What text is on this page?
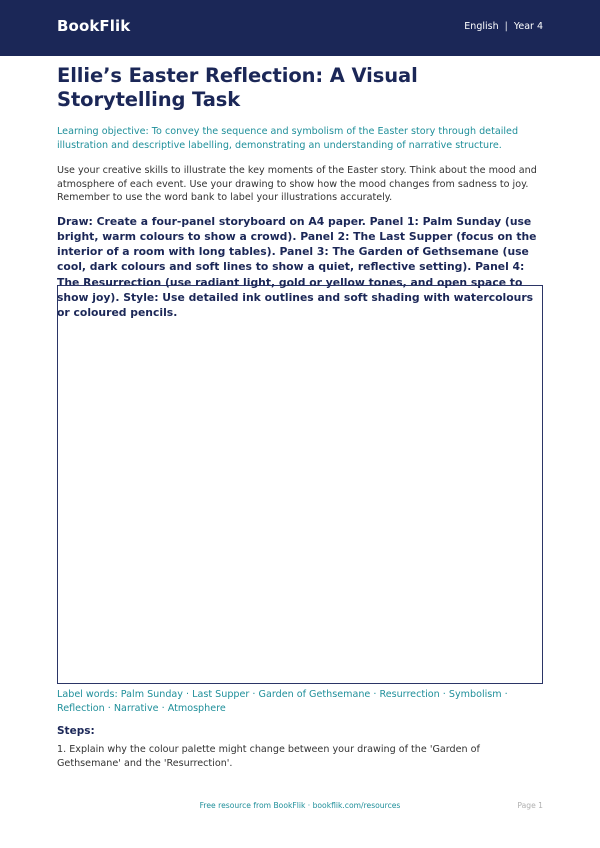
BookFlik	English | Year 4
Ellie’s Easter Reflection: A Visual Storytelling Task

Learning objective: To convey the sequence and symbolism of the Easter story through detailed illustration and descriptive labelling, demonstrating an understanding of narrative structure.

Use your creative skills to illustrate the key moments of the Easter story. Think about the mood and atmosphere of each event. Use your drawing to show how the mood changes from sadness to joy. Remember to use the word bank to label your illustrations accurately.

Draw: Create a four-panel storyboard on A4 paper. Panel 1: Palm Sunday (use bright, warm colours to show a crowd). Panel 2: The Last Supper (focus on the interior of a room with long tables). Panel 3: The Garden of Gethsemane (use cool, dark colours and soft lines to show a quiet, reflective setting). Panel 4: The Resurrection (use radiant light, gold or yellow tones, and open space to show joy). Style: Use detailed ink outlines and soft shading with watercolours or coloured pencils.

Label words: Palm Sunday · Last Supper · Garden of Gethsemane · Resurrection · Symbolism · Reflection · Narrative · Atmosphere

Steps:

1. Explain why the colour palette might change between your drawing of the 'Garden of Gethsemane' and the 'Resurrection'.

Free resource from BookFlik · bookflik.com/resources	Page 1
